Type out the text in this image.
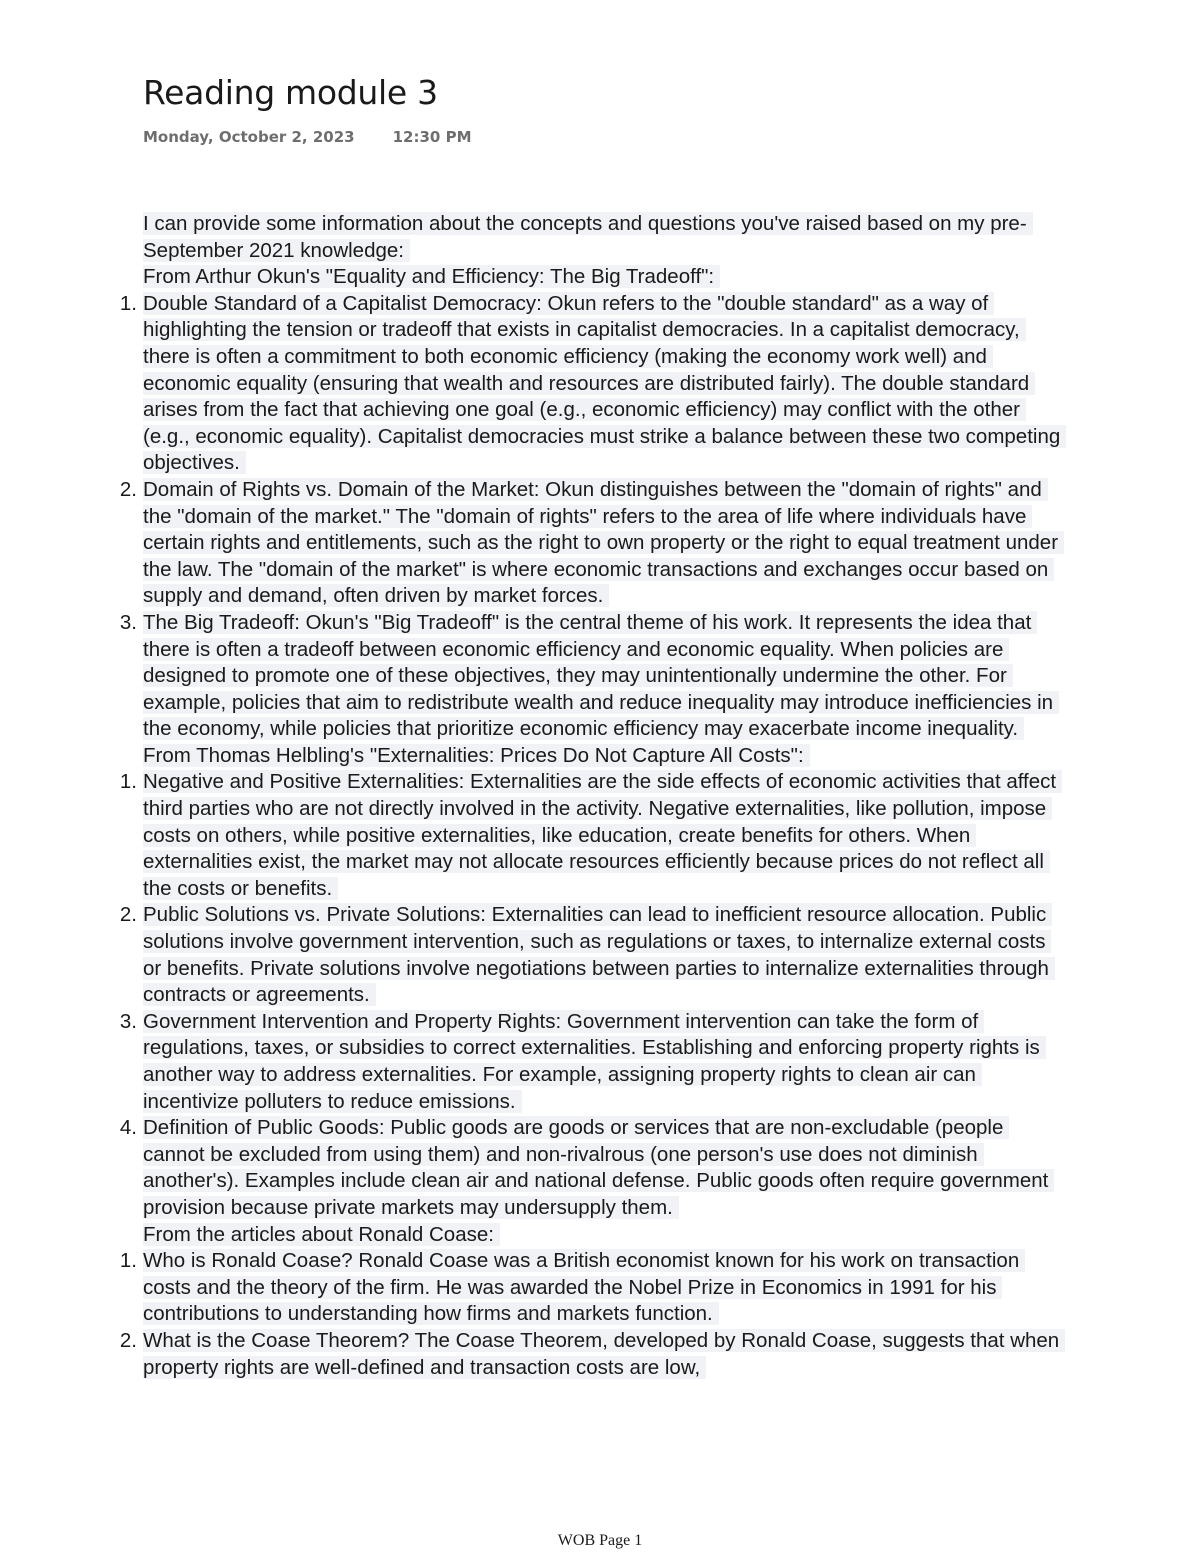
Reading module 3
Monday, October 2, 2023	12:30 PM

I can provide some information about the concepts and questions you've raised based on my pre-September 2021 knowledge:

From Arthur Okun's "Equality and Efficiency: The Big Tradeoff":

1. Double Standard of a Capitalist Democracy: Okun refers to the "double standard" as a way of highlighting the tension or tradeoff that exists in capitalist democracies. In a capitalist democracy, there is often a commitment to both economic efficiency (making the economy work well) and economic equality (ensuring that wealth and resources are distributed fairly). The double standard arises from the fact that achieving one goal (e.g., economic efficiency) may conflict with the other (e.g., economic equality). Capitalist democracies must strike a balance between these two competing objectives.
2. Domain of Rights vs. Domain of the Market: Okun distinguishes between the "domain of rights" and the "domain of the market." The "domain of rights" refers to the area of life where individuals have certain rights and entitlements, such as the right to own property or the right to equal treatment under the law. The "domain of the market" is where economic transactions and exchanges occur based on supply and demand, often driven by market forces.
3. The Big Tradeoff: Okun's "Big Tradeoff" is the central theme of his work. It represents the idea that there is often a tradeoff between economic efficiency and economic equality. When policies are designed to promote one of these objectives, they may unintentionally undermine the other. For example, policies that aim to redistribute wealth and reduce inequality may introduce inefficiencies in the economy, while policies that prioritize economic efficiency may exacerbate income inequality.

From Thomas Helbling's "Externalities: Prices Do Not Capture All Costs":

1. Negative and Positive Externalities: Externalities are the side effects of economic activities that affect third parties who are not directly involved in the activity. Negative externalities, like pollution, impose costs on others, while positive externalities, like education, create benefits for others. When externalities exist, the market may not allocate resources efficiently because prices do not reflect all the costs or benefits.
2. Public Solutions vs. Private Solutions: Externalities can lead to inefficient resource allocation. Public solutions involve government intervention, such as regulations or taxes, to internalize external costs or benefits. Private solutions involve negotiations between parties to internalize externalities through contracts or agreements.
3. Government Intervention and Property Rights: Government intervention can take the form of regulations, taxes, or subsidies to correct externalities. Establishing and enforcing property rights is another way to address externalities. For example, assigning property rights to clean air can incentivize polluters to reduce emissions.
4. Definition of Public Goods: Public goods are goods or services that are non-excludable (people cannot be excluded from using them) and non-rivalrous (one person's use does not diminish another's). Examples include clean air and national defense. Public goods often require government provision because private markets may undersupply them.

From the articles about Ronald Coase:

1. Who is Ronald Coase? Ronald Coase was a British economist known for his work on transaction costs and the theory of the firm. He was awarded the Nobel Prize in Economics in 1991 for his contributions to understanding how firms and markets function.
2. What is the Coase Theorem? The Coase Theorem, developed by Ronald Coase, suggests that when property rights are well-defined and transaction costs are low,
WOB Page 1
